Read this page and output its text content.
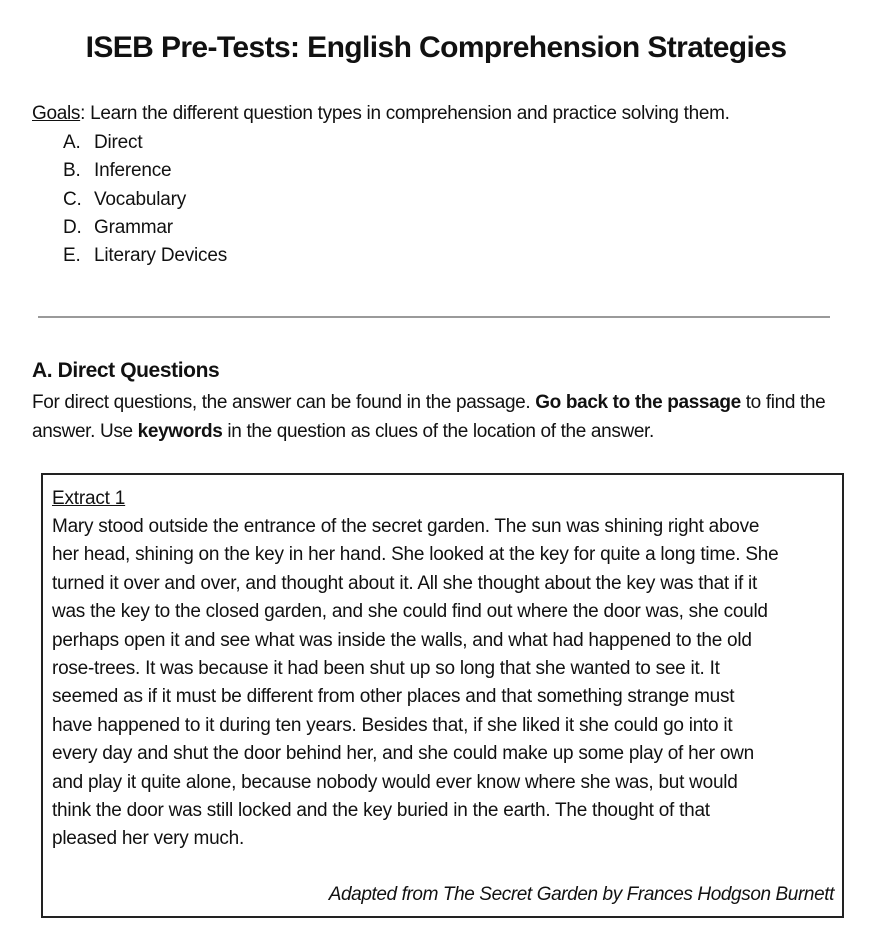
ISEB Pre-Tests: English Comprehension Strategies
Goals: Learn the different question types in comprehension and practice solving them.
A. Direct
B. Inference
C. Vocabulary
D. Grammar
E. Literary Devices
A. Direct Questions

For direct questions, the answer can be found in the passage. Go back to the passage to find the answer. Use keywords in the question as clues of the location of the answer.

Extract 1

Mary stood outside the entrance of the secret garden. The sun was shining right above
her head, shining on the key in her hand. She looked at the key for quite a long time. She
turned it over and over, and thought about it. All she thought about the key was that if it
was the key to the closed garden, and she could find out where the door was, she could
perhaps open it and see what was inside the walls, and what had happened to the old
rose-trees. It was because it had been shut up so long that she wanted to see it. It
seemed as if it must be different from other places and that something strange must
have happened to it during ten years. Besides that, if she liked it she could go into it
every day and shut the door behind her, and she could make up some play of her own
and play it quite alone, because nobody would ever know where she was, but would
think the door was still locked and the key buried in the earth. The thought of that
pleased her very much.

Adapted from The Secret Garden by Frances Hodgson Burnett
